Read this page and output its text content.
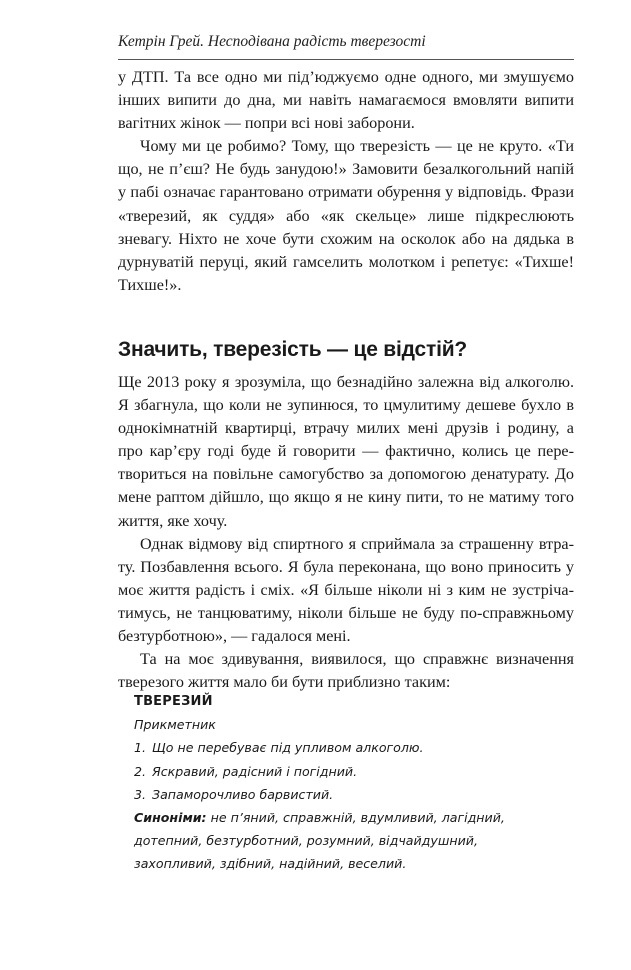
Кетрін Грей. Несподівана радість тверезості

у ДТП. Та все одно ми під’юджуємо одне одного, ми змушуємо інших випити до дна, ми навіть намагаємося вмовляти випити вагітних жінок — попри всі нові заборони.

Чому ми це робимо? Тому, що тверезість — це не круто. «Ти що, не п’єш? Не будь занудою!» Замовити безалкогольний напій у пабі означає гарантовано отримати обурення у відповідь. Фрази «тверезий, як суддя» або «як скельце» лише підкреслюють зневагу. Ніхто не хоче бути схожим на осколок або на дядька в дурнуватій перуці, який гамселить молотком і репетує: «Тихше! Тихше!».

Значить, тверезість — це відстій?

Ще 2013 року я зрозуміла, що безнадійно залежна від алкоголю. Я збагнула, що коли не зупинюся, то цмулитиму дешеве бухло в однокімнатній квартирці, втрачу милих мені друзів і родину, а про кар’єру годі буде й говорити — фактично, колись це перетвориться на повільне самогубство за допомогою денатурату. До мене раптом дійшло, що якщо я не кину пити, то не матиму того життя, яке хочу.

Однак відмову від спиртного я сприймала за страшенну втрату. Позбавлення всього. Я була переконана, що воно приносить у моє життя радість і сміх. «Я більше ніколи ні з ким не зустрічатимусь, не танцюватиму, ніколи більше не буду по-справжньому безтурботною», — гадалося мені.

Та на моє здивування, виявилося, що справжнє визначення тверезого життя мало би бути приблизно таким:

ТВЕРЕЗИЙ
Прикметник
1. Що не перебуває під упливом алкоголю.
2. Яскравий, радісний і погідний.
3. Запаморочливо барвистий.
Синоніми: не п’яний, справжній, вдумливий, лагідний, дотепний, безтурботний, розумний, відчайдушний, захопливий, здібний, надійний, веселий.
